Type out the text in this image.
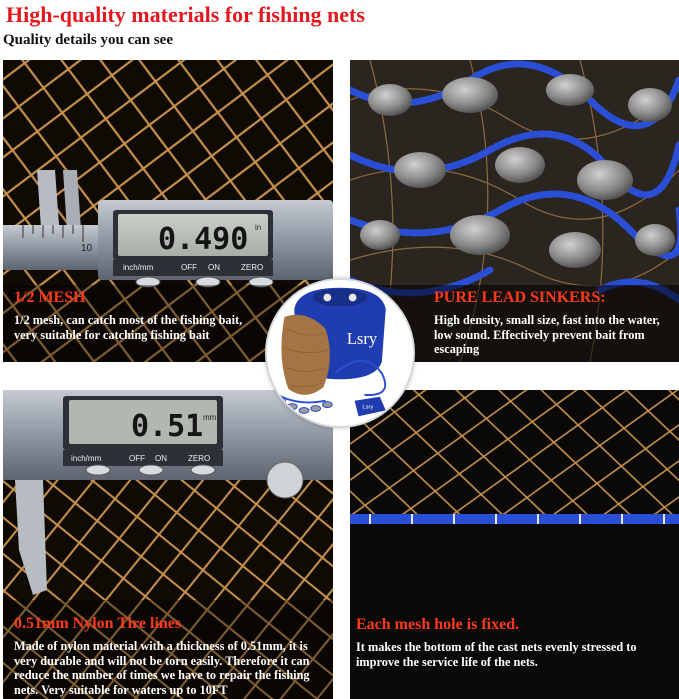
High-quality materials for fishing nets
Quality details you can see
10 0.490 in
inch/mm	OFF ON	ZERO
1/2 MESH
1/2 mesh, can catch most of the fishing bait, very suitable for catching fishing bait
PURE LEAD SINKERS:
High density, small size, fast into the water, low sound. Effectively prevent bait from escaping
0.51 mm
inch/mm	OFF ON	ZERO
0.51mm Nylon Tire lines
Made of nylon material with a thickness of 0.51mm, it is very durable and will not be torn easily. Therefore it can reduce the number of times we have to repair the fishing nets. Very suitable for waters up to 10FT
Each mesh hole is fixed.
It makes the bottom of the cast nets evenly stressed to improve the service life of the nets.
Lsry
Lsry
